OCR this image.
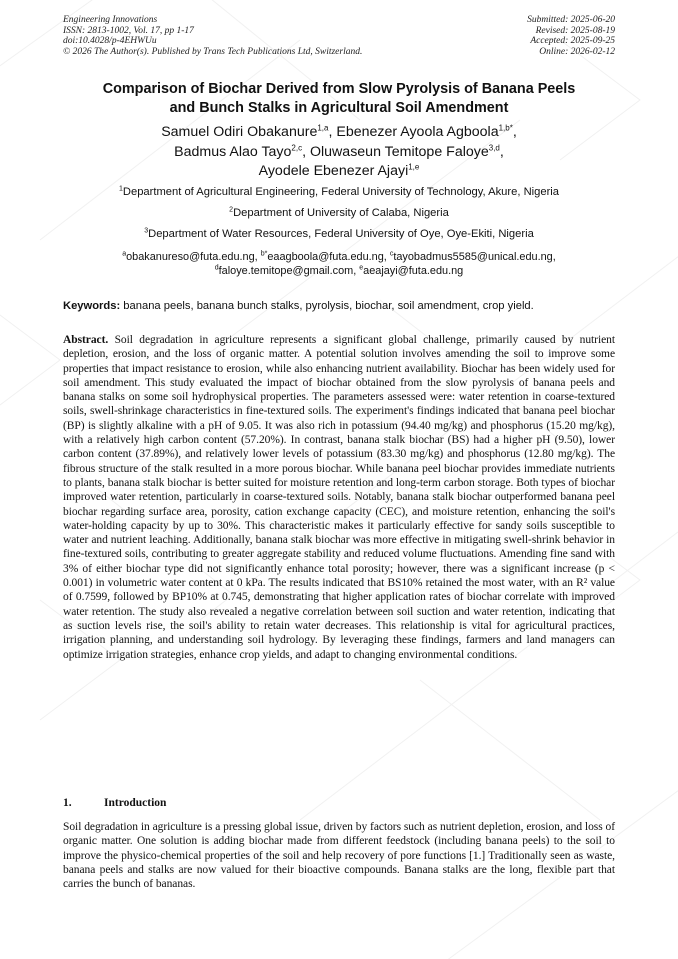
Engineering Innovations
ISSN: 2813-1002, Vol. 17, pp 1-17
doi:10.4028/p-4EHWUu
© 2026 The Author(s). Published by Trans Tech Publications Ltd, Switzerland.
Submitted: 2025-06-20
Revised: 2025-08-19
Accepted: 2025-09-25
Online: 2026-02-12
Comparison of Biochar Derived from Slow Pyrolysis of Banana Peels
and Bunch Stalks in Agricultural Soil Amendment
Samuel Odiri Obakanure$^{1,a}$, Ebenezer Ayoola Agboola$^{1,b*}$,
Badmus Alao Tayo$^{2,c}$, Oluwaseun Temitope Faloye$^{3,d}$,
Ayodele Ebenezer Ajayi$^{1,e}$
$^1$Department of Agricultural Engineering, Federal University of Technology, Akure, Nigeria
$^2$Department of University of Calaba, Nigeria
$^3$Department of Water Resources, Federal University of Oye, Oye-Ekiti, Nigeria
$^a$obakanureso@futa.edu.ng, $^{b*}$eaagboola@futa.edu.ng, $^c$tayobadmus5585@unical.edu.ng,
$^d$faloye.temitope@gmail.com, $^e$aeajayi@futa.edu.ng
Keywords: banana peels, banana bunch stalks, pyrolysis, biochar, soil amendment, crop yield.
Abstract. Soil degradation in agriculture represents a significant global challenge, primarily caused by nutrient depletion, erosion, and the loss of organic matter. A potential solution involves amending the soil to improve some properties that impact resistance to erosion, while also enhancing nutrient availability. Biochar has been widely used for soil amendment. This study evaluated the impact of biochar obtained from the slow pyrolysis of banana peels and banana stalks on some soil hydrophysical properties. The parameters assessed were: water retention in coarse-textured soils, swell-shrinkage characteristics in fine-textured soils. The experiment's findings indicated that banana peel biochar (BP) is slightly alkaline with a pH of 9.05. It was also rich in potassium (94.40 mg/kg) and phosphorus (15.20 mg/kg), with a relatively high carbon content (57.20%). In contrast, banana stalk biochar (BS) had a higher pH (9.50), lower carbon content (37.89%), and relatively lower levels of potassium (83.30 mg/kg) and phosphorus (12.80 mg/kg). The fibrous structure of the stalk resulted in a more porous biochar. While banana peel biochar provides immediate nutrients to plants, banana stalk biochar is better suited for moisture retention and long-term carbon storage. Both types of biochar improved water retention, particularly in coarse-textured soils. Notably, banana stalk biochar outperformed banana peel biochar regarding surface area, porosity, cation exchange capacity (CEC), and moisture retention, enhancing the soil's water-holding capacity by up to 30%. This characteristic makes it particularly effective for sandy soils susceptible to water and nutrient leaching. Additionally, banana stalk biochar was more effective in mitigating swell-shrink behavior in fine-textured soils, contributing to greater aggregate stability and reduced volume fluctuations. Amending fine sand with 3% of either biochar type did not significantly enhance total porosity; however, there was a significant increase (p < 0.001) in volumetric water content at 0 kPa. The results indicated that BS10% retained the most water, with an R² value of 0.7599, followed by BP10% at 0.745, demonstrating that higher application rates of biochar correlate with improved water retention. The study also revealed a negative correlation between soil suction and water retention, indicating that as suction levels rise, the soil's ability to retain water decreases. This relationship is vital for agricultural practices, irrigation planning, and understanding soil hydrology. By leveraging these findings, farmers and land managers can optimize irrigation strategies, enhance crop yields, and adapt to changing environmental conditions.
1.	Introduction
Soil degradation in agriculture is a pressing global issue, driven by factors such as nutrient depletion, erosion, and loss of organic matter. One solution is adding biochar made from different feedstock (including banana peels) to the soil to improve the physico-chemical properties of the soil and help recovery of pore functions [1.] Traditionally seen as waste, banana peels and stalks are now valued for their bioactive compounds. Banana stalks are the long, flexible part that carries the bunch of bananas.
